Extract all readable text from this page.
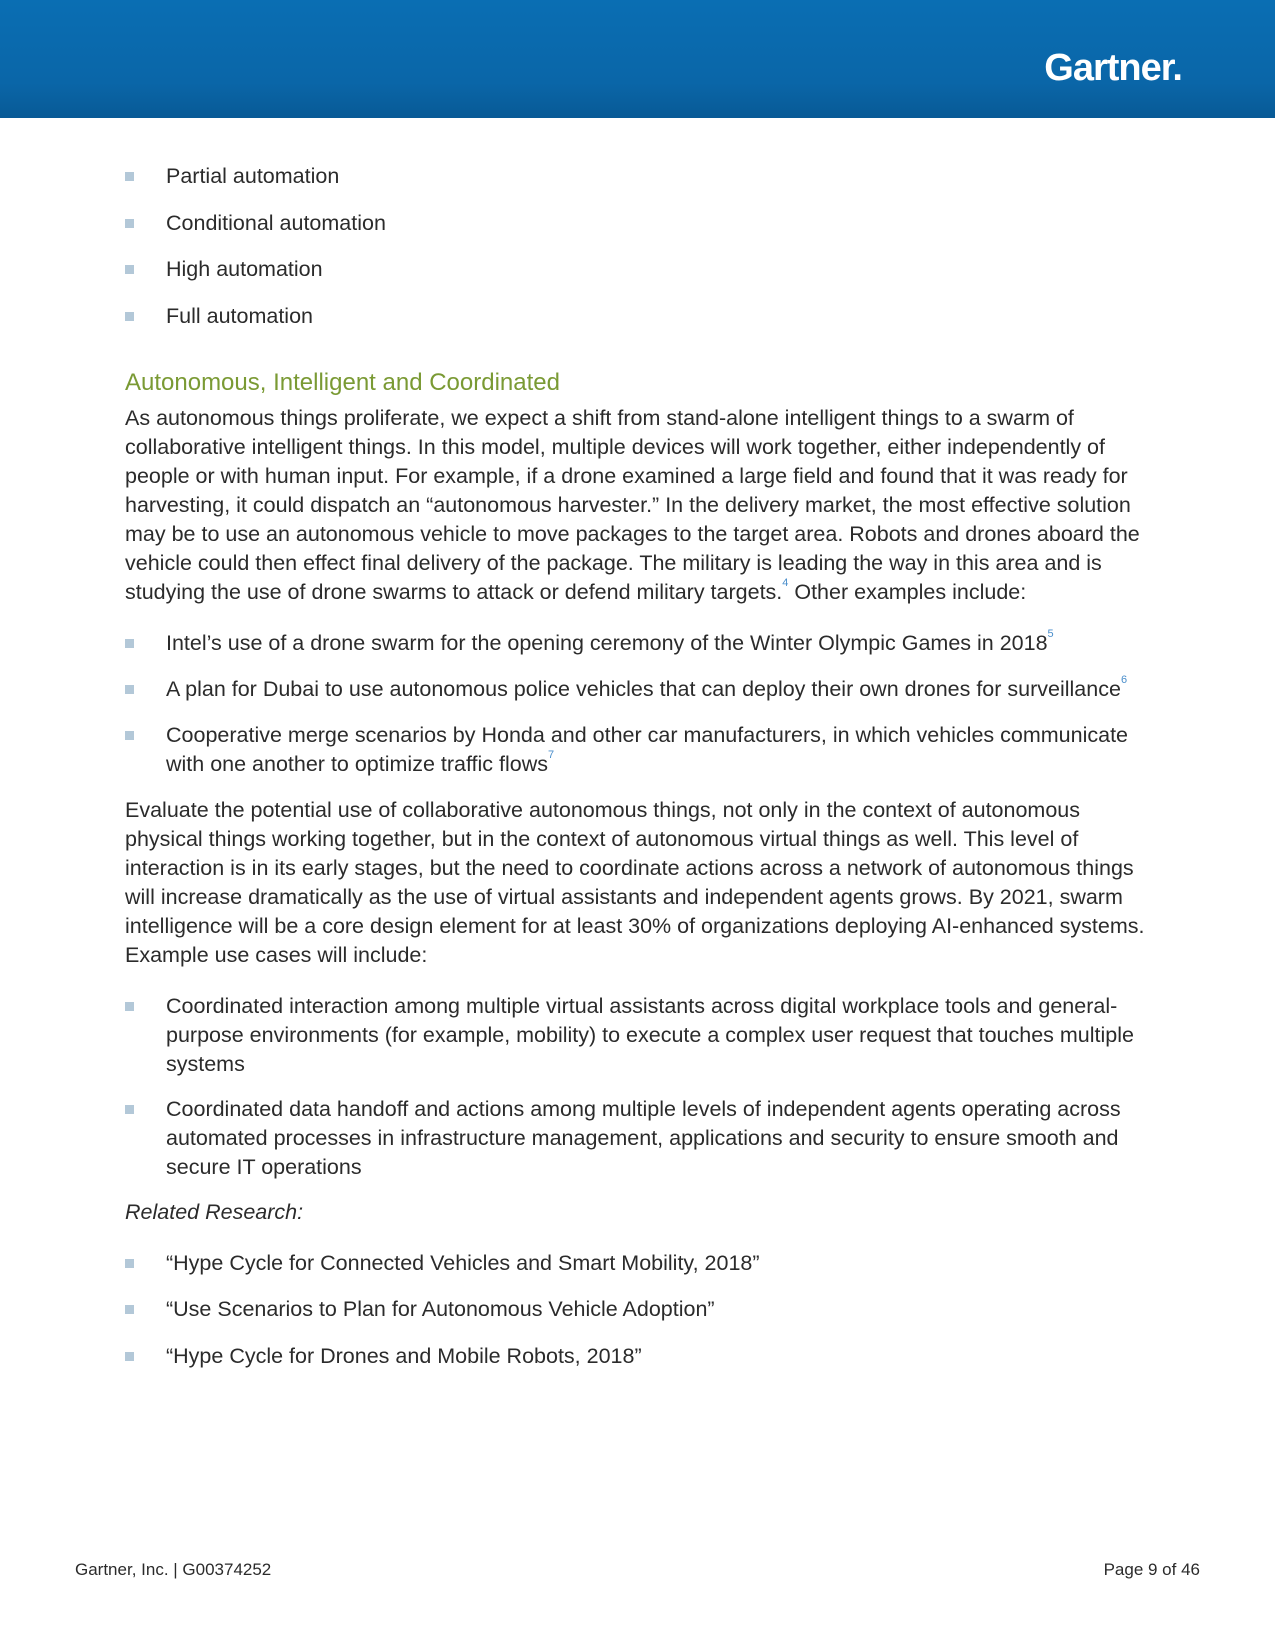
Gartner.
Partial automation
Conditional automation
High automation
Full automation
Autonomous, Intelligent and Coordinated

As autonomous things proliferate, we expect a shift from stand-alone intelligent things to a swarm of collaborative intelligent things. In this model, multiple devices will work together, either independently of people or with human input. For example, if a drone examined a large field and found that it was ready for harvesting, it could dispatch an “autonomous harvester.” In the delivery market, the most effective solution may be to use an autonomous vehicle to move packages to the target area. Robots and drones aboard the vehicle could then effect final delivery of the package. The military is leading the way in this area and is studying the use of drone swarms to attack or defend military targets.$^4$ Other examples include:

Intel’s use of a drone swarm for the opening ceremony of the Winter Olympic Games in 2018$^5$
A plan for Dubai to use autonomous police vehicles that can deploy their own drones for surveillance$^6$
Cooperative merge scenarios by Honda and other car manufacturers, in which vehicles communicate with one another to optimize traffic flows$^7$

Evaluate the potential use of collaborative autonomous things, not only in the context of autonomous physical things working together, but in the context of autonomous virtual things as well. This level of interaction is in its early stages, but the need to coordinate actions across a network of autonomous things will increase dramatically as the use of virtual assistants and independent agents grows. By 2021, swarm intelligence will be a core design element for at least 30% of organizations deploying AI-enhanced systems. Example use cases will include:

Coordinated interaction among multiple virtual assistants across digital workplace tools and general-purpose environments (for example, mobility) to execute a complex user request that touches multiple systems
Coordinated data handoff and actions among multiple levels of independent agents operating across automated processes in infrastructure management, applications and security to ensure smooth and secure IT operations

Related Research:

“Hype Cycle for Connected Vehicles and Smart Mobility, 2018”
“Use Scenarios to Plan for Autonomous Vehicle Adoption”
“Hype Cycle for Drones and Mobile Robots, 2018”
Gartner, Inc. | G00374252	Page 9 of 46
